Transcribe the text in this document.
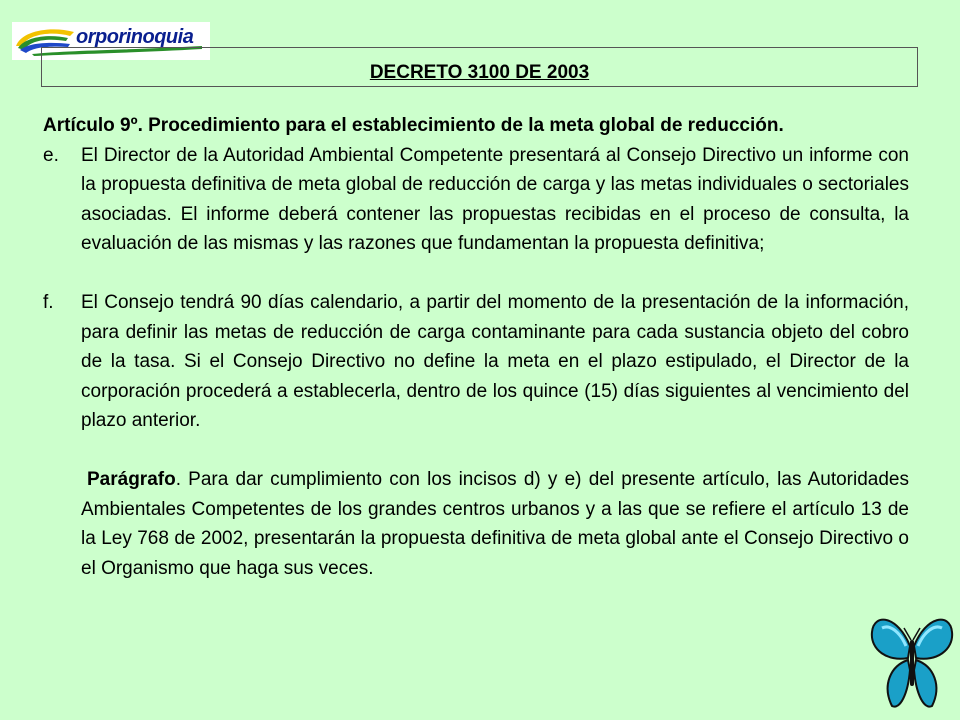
orporinoquia
DECRETO 3100 DE 2003
Artículo 9º. Procedimiento para el establecimiento de la meta global de reducción.
e.	El Director de la Autoridad Ambiental Competente presentará al Consejo Directivo un informe con la propuesta definitiva de meta global de reducción de carga y las metas individuales o sectoriales asociadas. El informe deberá contener las propuestas recibidas en el proceso de consulta, la evaluación de las mismas y las razones que fundamentan la propuesta definitiva;
f.	El Consejo tendrá 90 días calendario, a partir del momento de la presentación de la información, para definir las metas de reducción de carga contaminante para cada sustancia objeto del cobro de la tasa. Si el Consejo Directivo no define la meta en el plazo estipulado, el Director de la corporación procederá a establecerla, dentro de los quince (15) días siguientes al vencimiento del plazo anterior.
Parágrafo. Para dar cumplimiento con los incisos d) y e) del presente artículo, las Autoridades Ambientales Competentes de los grandes centros urbanos y a las que se refiere el artículo 13 de la Ley 768 de 2002, presentarán la propuesta definitiva de meta global ante el Consejo Directivo o el Organismo que haga sus veces.
